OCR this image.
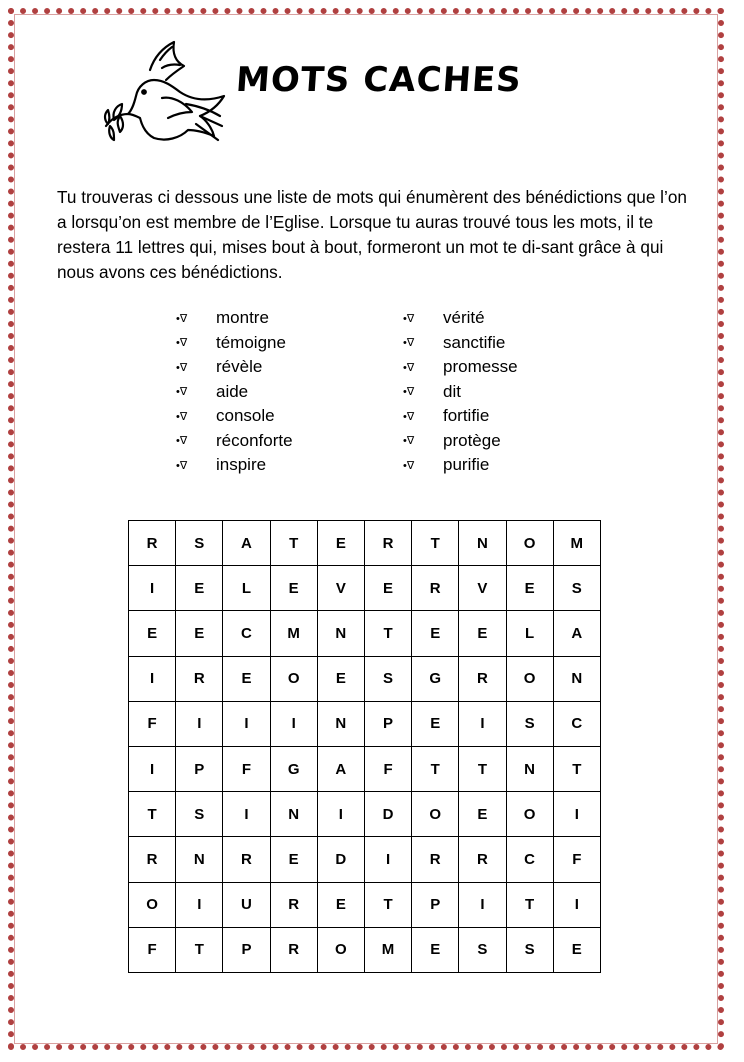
MOTS CACHES

Tu trouveras ci dessous une liste de mots qui énumèrent des bénédictions que l’on a lorsqu’on est membre de l’Eglise. Lorsque tu auras trouvé tous les mots, il te restera 11 lettres qui, mises bout à bout, formeront un mot te di-sant grâce à qui nous avons ces bénédictions.

•∇	montre
•∇	témoigne
•∇	révèle
•∇	aide
•∇	console
•∇	réconforte
•∇	inspire
•∇	vérité
•∇	sanctifie
•∇	promesse
•∇	dit
•∇	fortifie
•∇	protège
•∇	purifie
R	S	A	T	E	R	T	N	O	M
I	E	L	E	V	E	R	V	E	S
E	E	C	M	N	T	E	E	L	A
I	R	E	O	E	S	G	R	O	N
F	I	I	I	N	P	E	I	S	C
I	P	F	G	A	F	T	T	N	T
T	S	I	N	I	D	O	E	O	I
R	N	R	E	D	I	R	R	C	F
O	I	U	R	E	T	P	I	T	I
F	T	P	R	O	M	E	S	S	E
